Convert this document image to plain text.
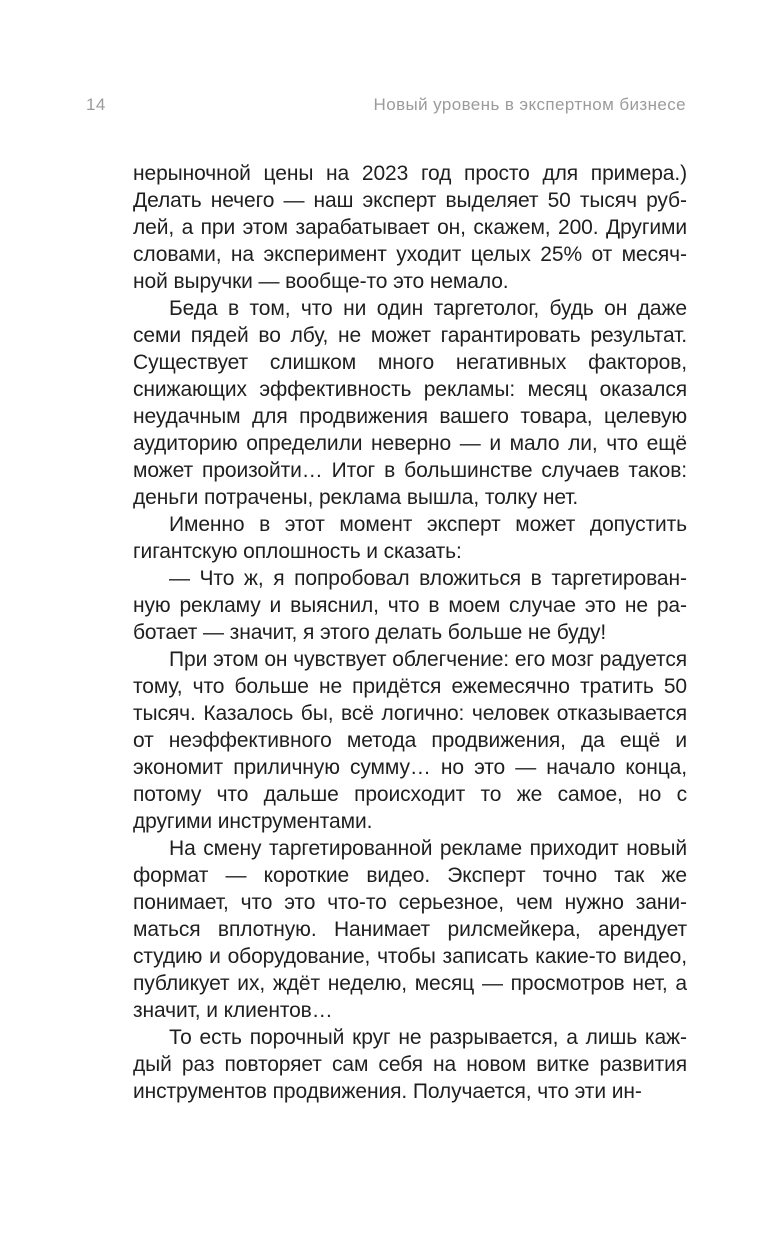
14	Новый уровень в экспертном бизнесе

нерыночной цены на 2023 год просто для примера.) Делать нечего — наш эксперт выделяет 50 тысяч рублей, а при этом зарабатывает он, скажем, 200. Другими словами, на эксперимент уходит целых 25% от месячной выручки — вообще-то это немало.

Беда в том, что ни один таргетолог, будь он даже семи пядей во лбу, не может гарантировать результат. Существует слишком много негативных факторов, снижающих эффективность рекламы: месяц оказался неудачным для продвижения вашего товара, целевую аудиторию определили неверно — и мало ли, что ещё может произойти… Итог в большинстве случаев таков: деньги потрачены, реклама вышла, толку нет.

Именно в этот момент эксперт может допустить гигантскую оплошность и сказать:

— Что ж, я попробовал вложиться в таргетированную рекламу и выяснил, что в моем случае это не работает — значит, я этого делать больше не буду!

При этом он чувствует облегчение: его мозг радуется тому, что больше не придётся ежемесячно тратить 50 тысяч. Казалось бы, всё логично: человек отказывается от неэффективного метода продвижения, да ещё и экономит приличную сумму… но это — начало конца, потому что дальше происходит то же самое, но с другими инструментами.

На смену таргетированной рекламе приходит новый формат — короткие видео. Эксперт точно так же понимает, что это что-то серьезное, чем нужно заниматься вплотную. Нанимает рилсмейкера, арендует студию и оборудование, чтобы записать какие-то видео, публикует их, ждёт неделю, месяц — просмотров нет, а значит, и клиентов…

То есть порочный круг не разрывается, а лишь каждый раз повторяет сам себя на новом витке развития инструментов продвижения. Получается, что эти ин-
